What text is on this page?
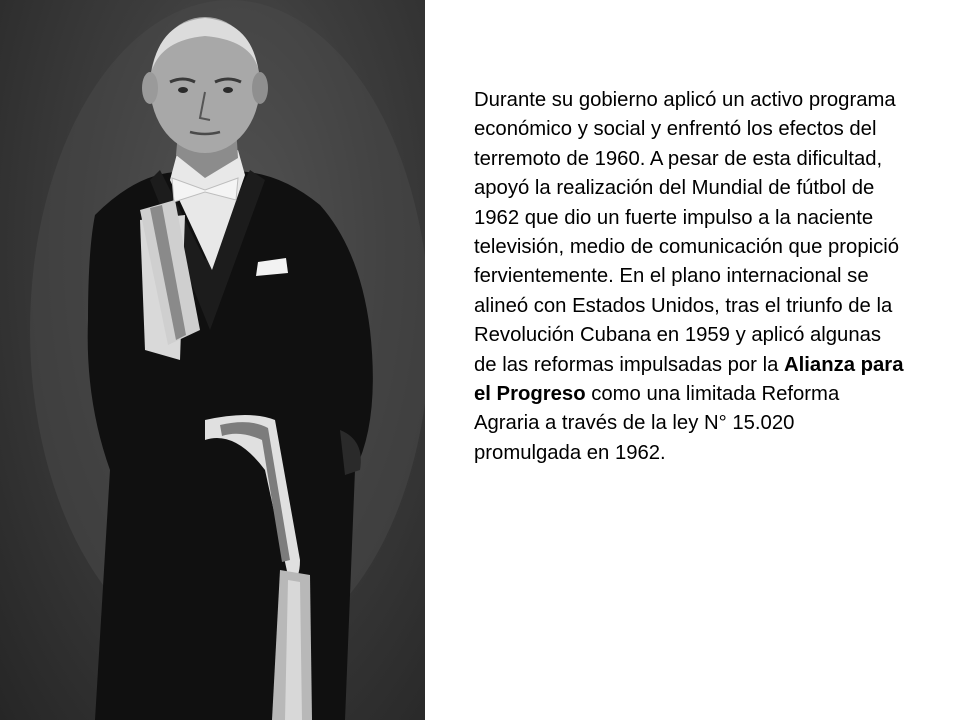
Durante su gobierno aplicó un activo programa económico y social y enfrentó los efectos del terremoto de 1960. A pesar de esta dificultad, apoyó la realización del Mundial de fútbol de 1962 que dio un fuerte impulso a la naciente televisión, medio de comunicación que propició fervientemente. En el plano internacional se alineó con Estados Unidos, tras el triunfo de la Revolución Cubana en 1959 y aplicó algunas de las reformas impulsadas por la Alianza para el Progreso como una limitada Reforma Agraria a través de la ley N° 15.020 promulgada en 1962.
